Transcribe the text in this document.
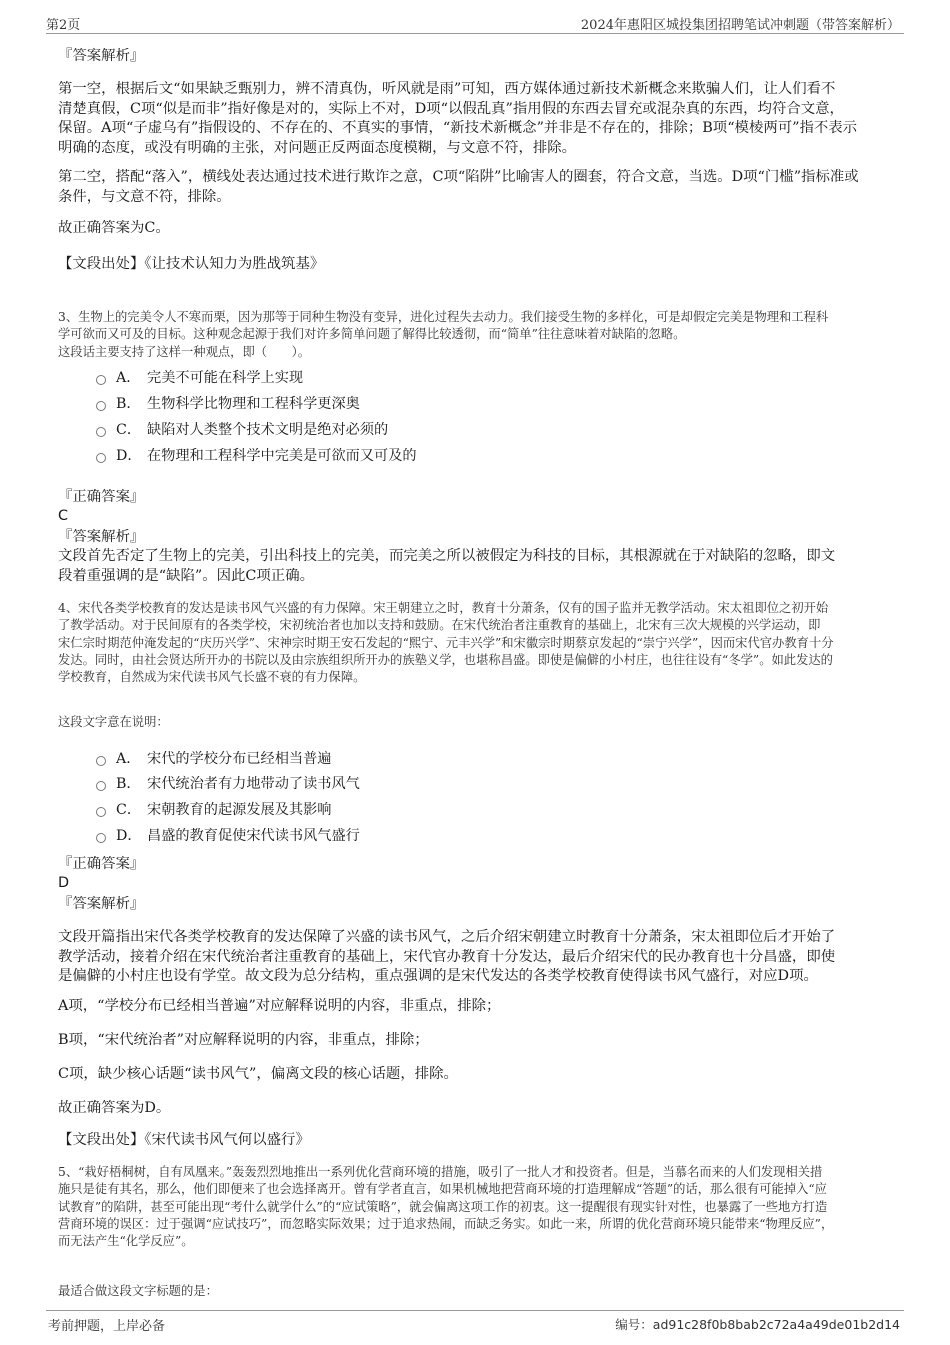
第2页	2024年惠阳区城投集团招聘笔试冲刺题（带答案解析）
『答案解析』
第一空，根据后文“如果缺乏甄别力，辨不清真伪，听风就是雨”可知，西方媒体通过新技术新概念来欺骗人们，让人们看不
清楚真假，C项“似是而非”指好像是对的，实际上不对，D项“以假乱真”指用假的东西去冒充或混杂真的东西，均符合文意，
保留。A项“子虚乌有”指假设的、不存在的、不真实的事情，“新技术新概念”并非是不存在的，排除；B项“模棱两可”指不表示
明确的态度，或没有明确的主张，对问题正反两面态度模糊，与文意不符，排除。
第二空，搭配“落入”，横线处表达通过技术进行欺诈之意，C项“陷阱”比喻害人的圈套，符合文意，当选。D项“门槛”指标准或
条件，与文意不符，排除。
故正确答案为C。
【文段出处】《让技术认知力为胜战筑基》
3、生物上的完美令人不寒而栗，因为那等于同种生物没有变异，进化过程失去动力。我们接受生物的多样化，可是却假定完美是物理和工程科
学可欲而又可及的目标。这种观念起源于我们对许多简单问题了解得比较透彻，而“简单”往往意味着对缺陷的忽略。
这段话主要支持了这样一种观点，即（　　）。
A． 完美不可能在科学上实现
B． 生物科学比物理和工程科学更深奥
C． 缺陷对人类整个技术文明是绝对必须的
D． 在物理和工程科学中完美是可欲而又可及的
『正确答案』
C
『答案解析』
文段首先否定了生物上的完美，引出科技上的完美，而完美之所以被假定为科技的目标，其根源就在于对缺陷的忽略，即文
段着重强调的是“缺陷”。因此C项正确。
4、宋代各类学校教育的发达是读书风气兴盛的有力保障。宋王朝建立之时，教育十分萧条，仅有的国子监并无教学活动。宋太祖即位之初开始
了教学活动。对于民间原有的各类学校，宋初统治者也加以支持和鼓励。在宋代统治者注重教育的基础上，北宋有三次大规模的兴学运动，即
宋仁宗时期范仲淹发起的“庆历兴学”、宋神宗时期王安石发起的“熙宁、元丰兴学”和宋徽宗时期蔡京发起的“崇宁兴学”，因而宋代官办教育十分
发达。同时，由社会贤达所开办的书院以及由宗族组织所开办的族塾义学，也堪称昌盛。即使是偏僻的小村庄，也往往设有“冬学”。如此发达的
学校教育，自然成为宋代读书风气长盛不衰的有力保障。
这段文字意在说明：
A． 宋代的学校分布已经相当普遍
B． 宋代统治者有力地带动了读书风气
C． 宋朝教育的起源发展及其影响
D． 昌盛的教育促使宋代读书风气盛行
『正确答案』
D
『答案解析』
文段开篇指出宋代各类学校教育的发达保障了兴盛的读书风气，之后介绍宋朝建立时教育十分萧条，宋太祖即位后才开始了
教学活动，接着介绍在宋代统治者注重教育的基础上，宋代官办教育十分发达，最后介绍宋代的民办教育也十分昌盛，即使
是偏僻的小村庄也设有学堂。故文段为总分结构，重点强调的是宋代发达的各类学校教育使得读书风气盛行，对应D项。
A项，“学校分布已经相当普遍”对应解释说明的内容，非重点，排除；
B项，“宋代统治者”对应解释说明的内容，非重点，排除；
C项，缺少核心话题“读书风气”，偏离文段的核心话题，排除。
故正确答案为D。
【文段出处】《宋代读书风气何以盛行》
5、“栽好梧桐树，自有凤凰来。”轰轰烈烈地推出一系列优化营商环境的措施，吸引了一批人才和投资者。但是，当慕名而来的人们发现相关措
施只是徒有其名，那么，他们即便来了也会选择离开。曾有学者直言，如果机械地把营商环境的打造理解成“答题”的话，那么很有可能掉入“应
试教育”的陷阱，甚至可能出现“考什么就学什么”的“应试策略”，就会偏离这项工作的初衷。这一提醒很有现实针对性，也暴露了一些地方打造
营商环境的误区：过于强调“应试技巧”，而忽略实际效果；过于追求热闹，而缺乏务实。如此一来，所谓的优化营商环境只能带来“物理反应”，
而无法产生“化学反应”。
最适合做这段文字标题的是：
考前押题，上岸必备	编号：ad91c28f0b8bab2c72a4a49de01b2d14
